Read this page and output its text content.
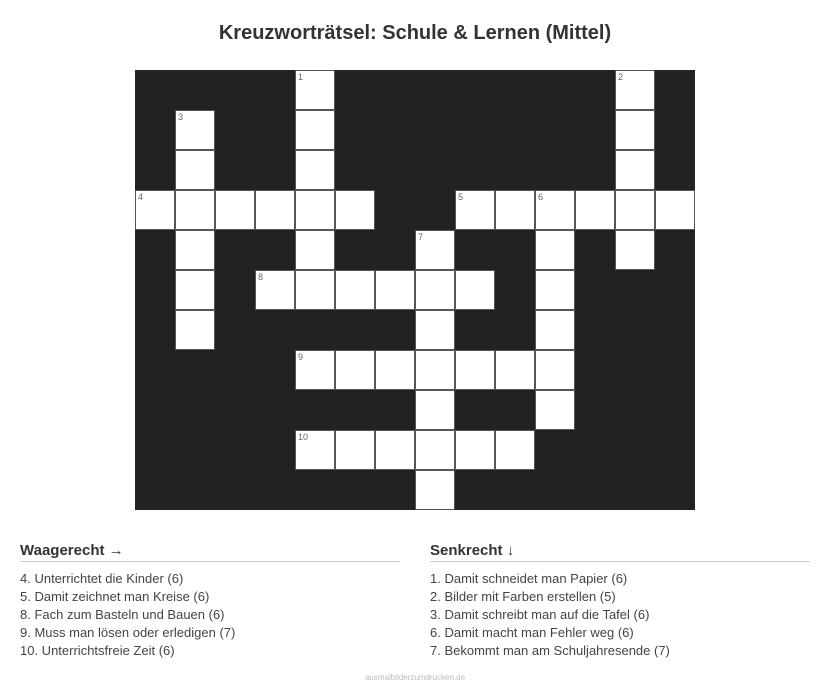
Kreuzworträtsel: Schule & Lernen (Mittel)
4	5	6
8
9
10
1	2
3
7
Waagerecht →
4. Unterrichtet die Kinder (6)
5. Damit zeichnet man Kreise (6)
8. Fach zum Basteln und Bauen (6)
9. Muss man lösen oder erledigen (7)
10. Unterrichtsfreie Zeit (6)
Senkrecht ↓
1. Damit schneidet man Papier (6)
2. Bilder mit Farben erstellen (5)
3. Damit schreibt man auf die Tafel (6)
6. Damit macht man Fehler weg (6)
7. Bekommt man am Schuljahresende (7)
ausmalbilderzumdrucken.de
